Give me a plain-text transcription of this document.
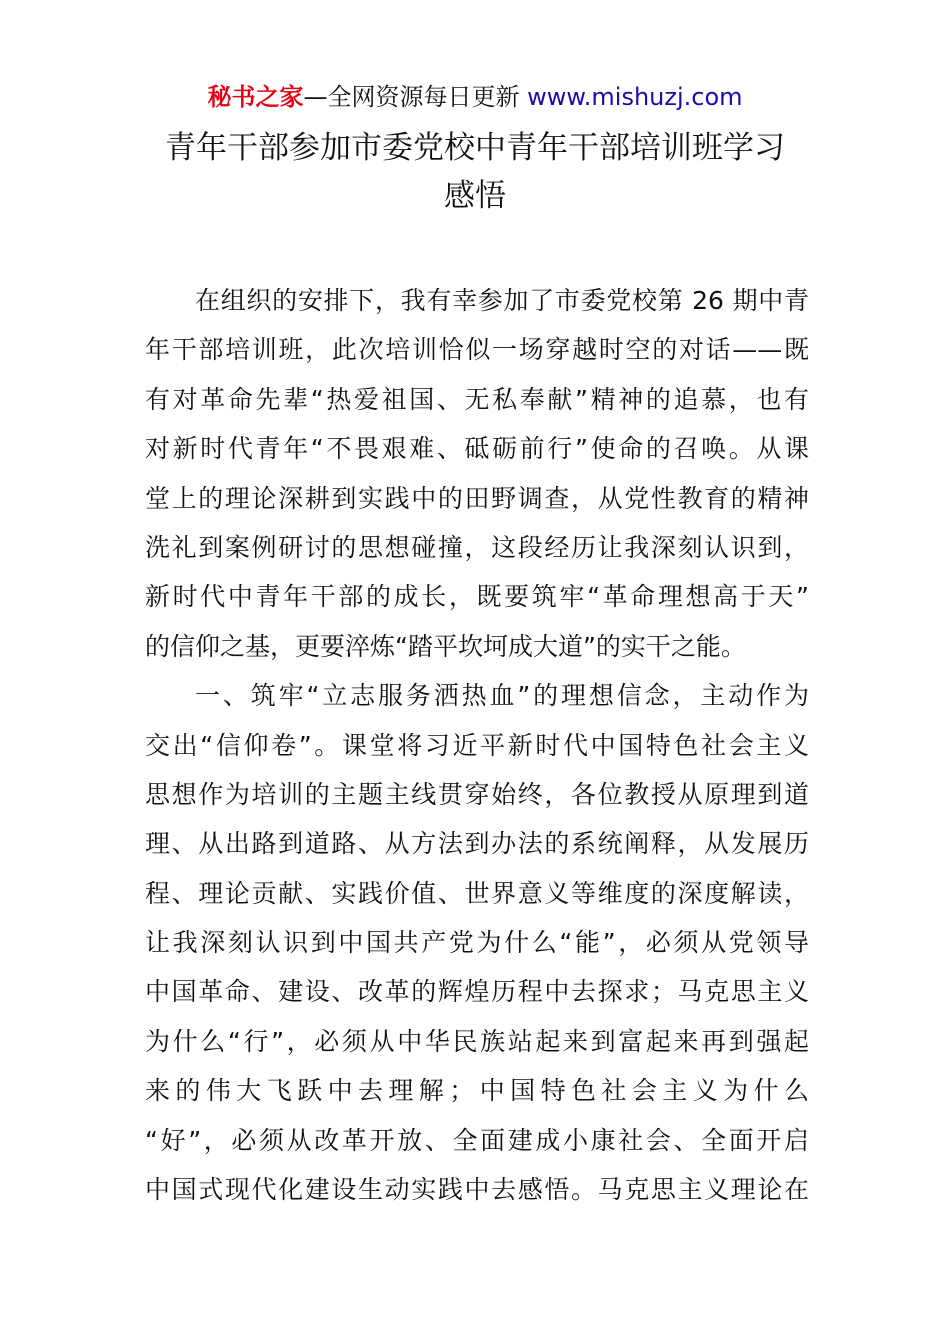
秘书之家—全网资源每日更新 www.mishuzj.com
青年干部参加市委党校中青年干部培训班学习
感悟
在组织的安排下，我有幸参加了市委党校第 26 期中青
年干部培训班，此次培训恰似一场穿越时空的对话——既
有对革命先辈“热爱祖国、无私奉献”精神的追慕，也有
对新时代青年“不畏艰难、砥砺前行”使命的召唤。从课
堂上的理论深耕到实践中的田野调查，从党性教育的精神
洗礼到案例研讨的思想碰撞，这段经历让我深刻认识到，
新时代中青年干部的成长，既要筑牢“革命理想高于天”
的信仰之基，更要淬炼“踏平坎坷成大道”的实干之能。
一、筑牢“立志服务洒热血”的理想信念，主动作为
交出“信仰卷”。课堂将习近平新时代中国特色社会主义
思想作为培训的主题主线贯穿始终，各位教授从原理到道
理、从出路到道路、从方法到办法的系统阐释，从发展历
程、理论贡献、实践价值、世界意义等维度的深度解读，
让我深刻认识到中国共产党为什么“能”，必须从党领导
中国革命、建设、改革的辉煌历程中去探求；马克思主义
为什么“行”，必须从中华民族站起来到富起来再到强起
来的伟大飞跃中去理解；中国特色社会主义为什么
“好”，必须从改革开放、全面建成小康社会、全面开启
中国式现代化建设生动实践中去感悟。马克思主义理论在
